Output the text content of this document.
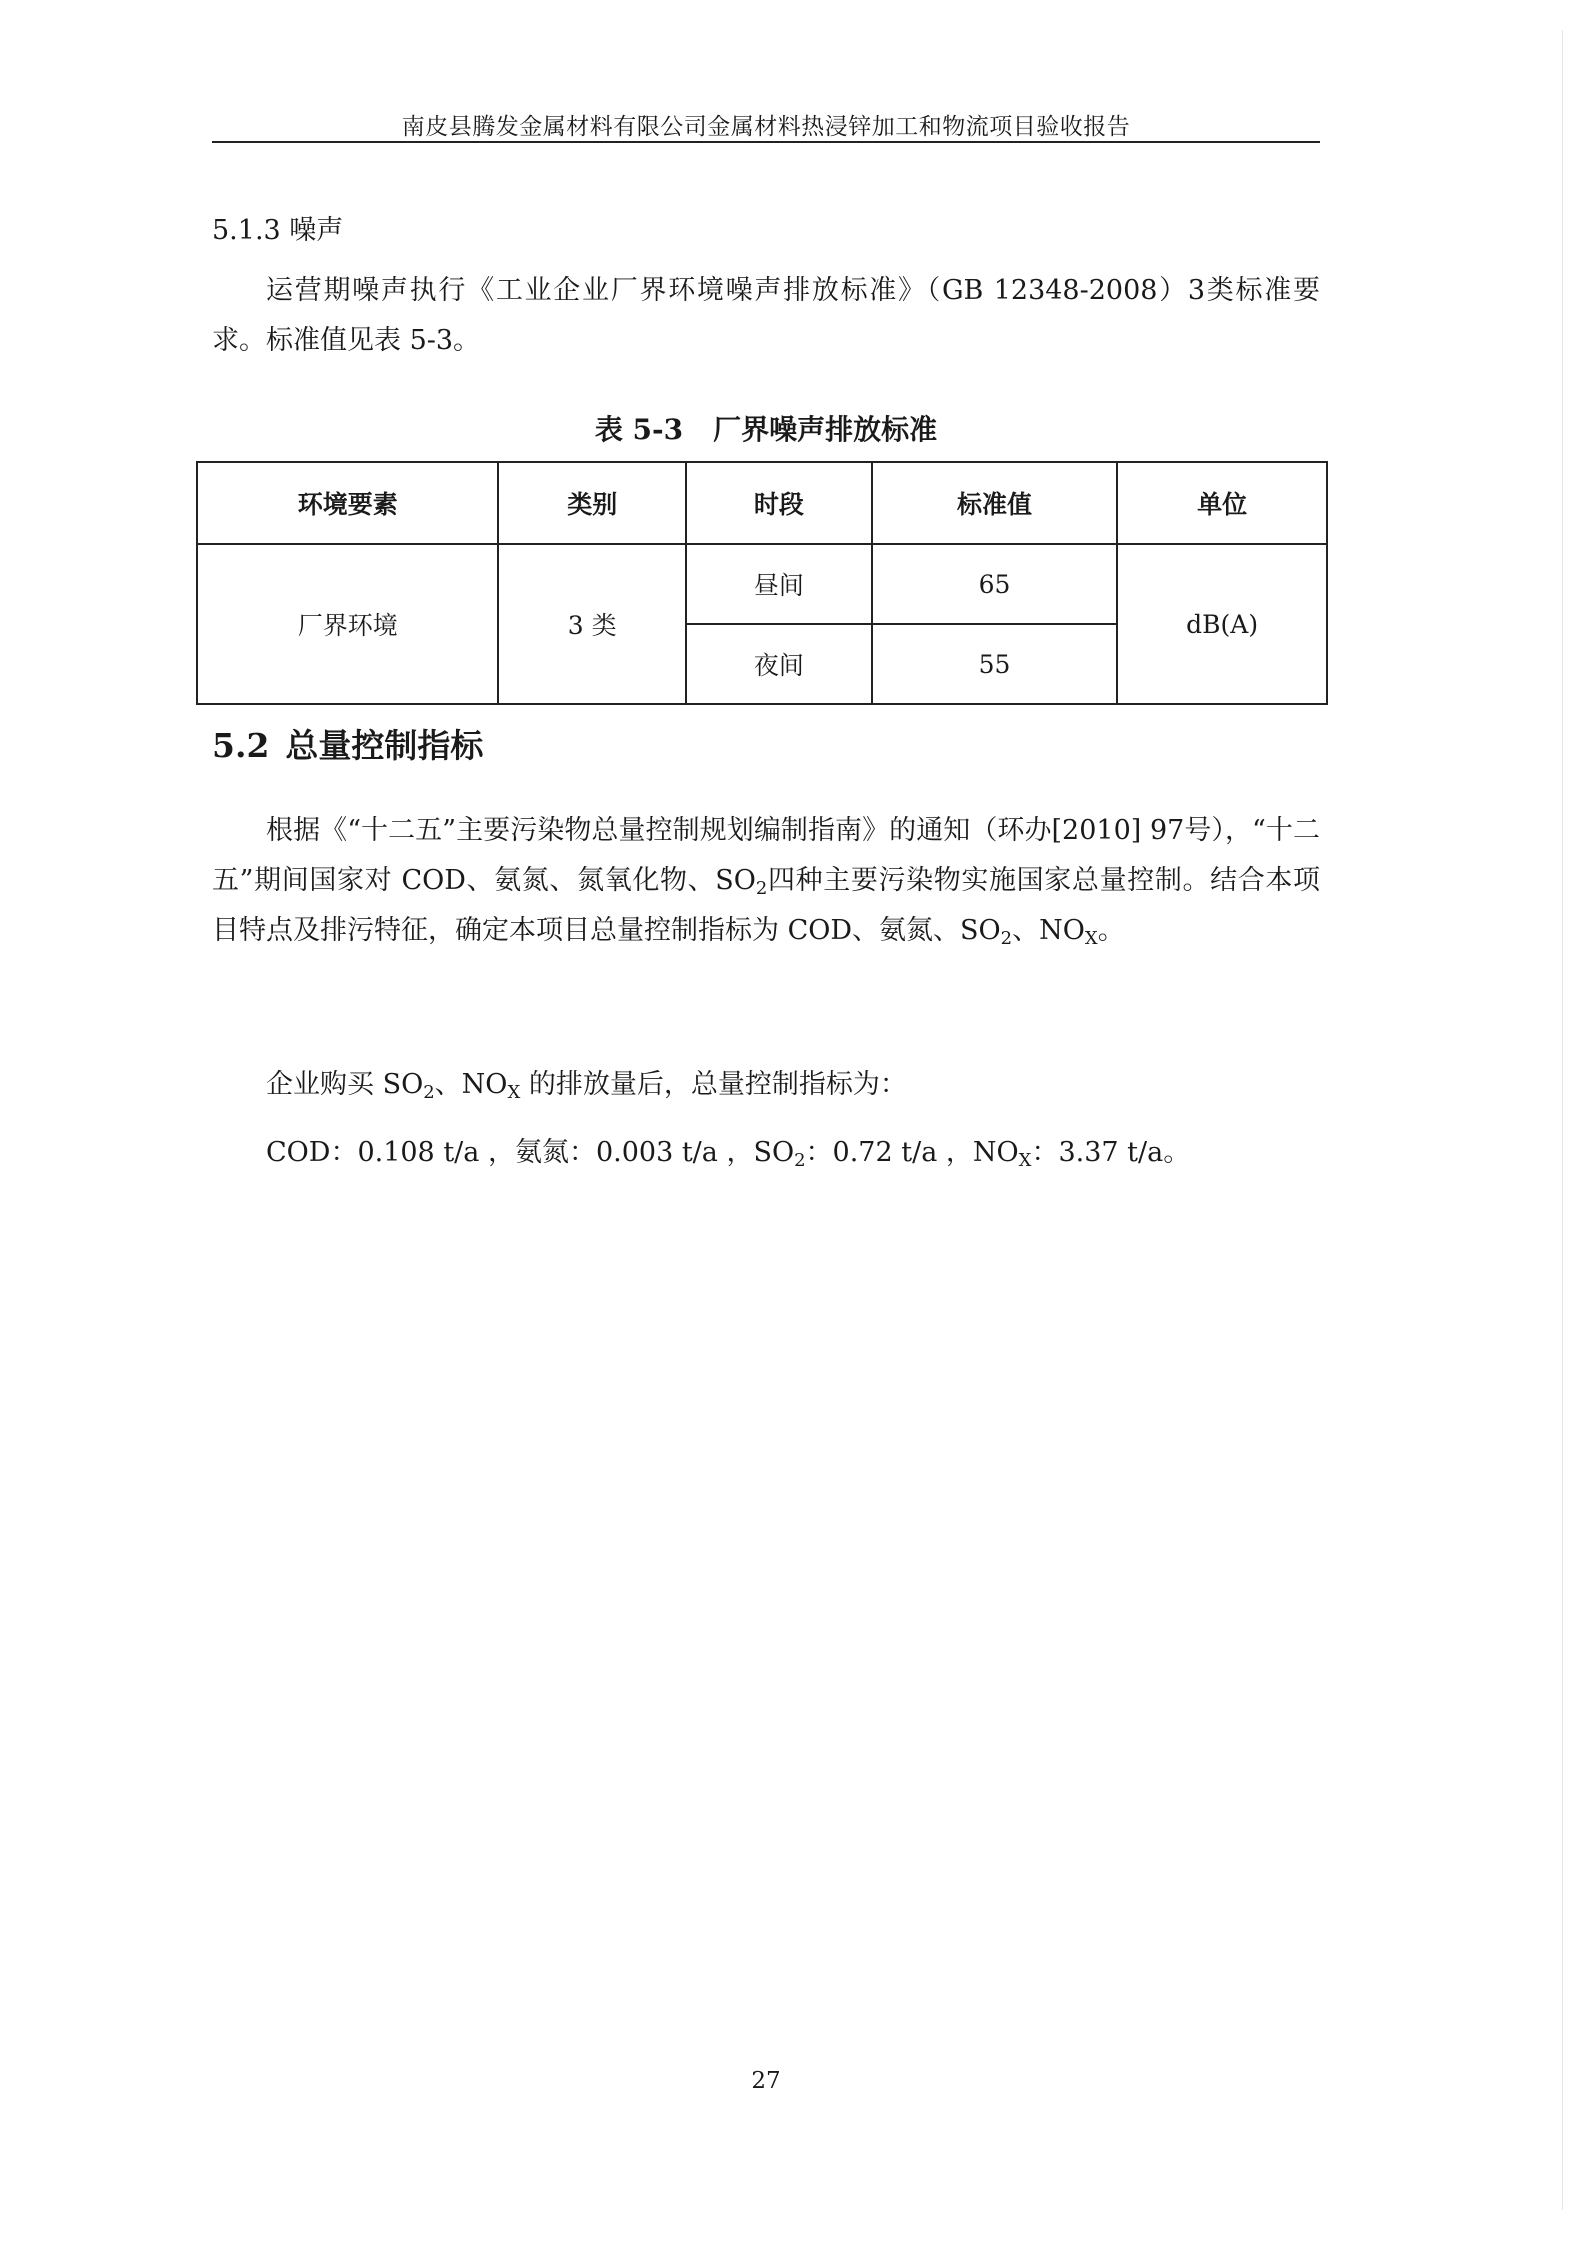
南皮县腾发金属材料有限公司金属材料热浸锌加工和物流项目验收报告
5.1.3 噪声
运营期噪声执行《工业企业厂界环境噪声排放标准》（GB 12348-2008）3类标准要求。标准值见表 5-3。
表 5-3 厂界噪声排放标准
环境要素	类别	时段	标准值	单位
厂界环境	3 类	昼间	65	dB(A)
		夜间	55	
5.2 总量控制指标
根据《“十二五”主要污染物总量控制规划编制指南》的通知（环办[2010] 97号），“十二五”期间国家对 COD、氨氮、氮氧化物、$SO_2$四种主要污染物实施国家总量控制。结合本项目特点及排污特征，确定本项目总量控制指标为 COD、氨氮、$SO_2$、$NO_X$。
企业购买 $SO_2$、$NO_X$ 的排放量后，总量控制指标为：
COD：0.108 t/a ，氨氮：0.003 t/a ，$SO_2$：0.72 t/a ，$NO_X$：3.37 t/a。
27
